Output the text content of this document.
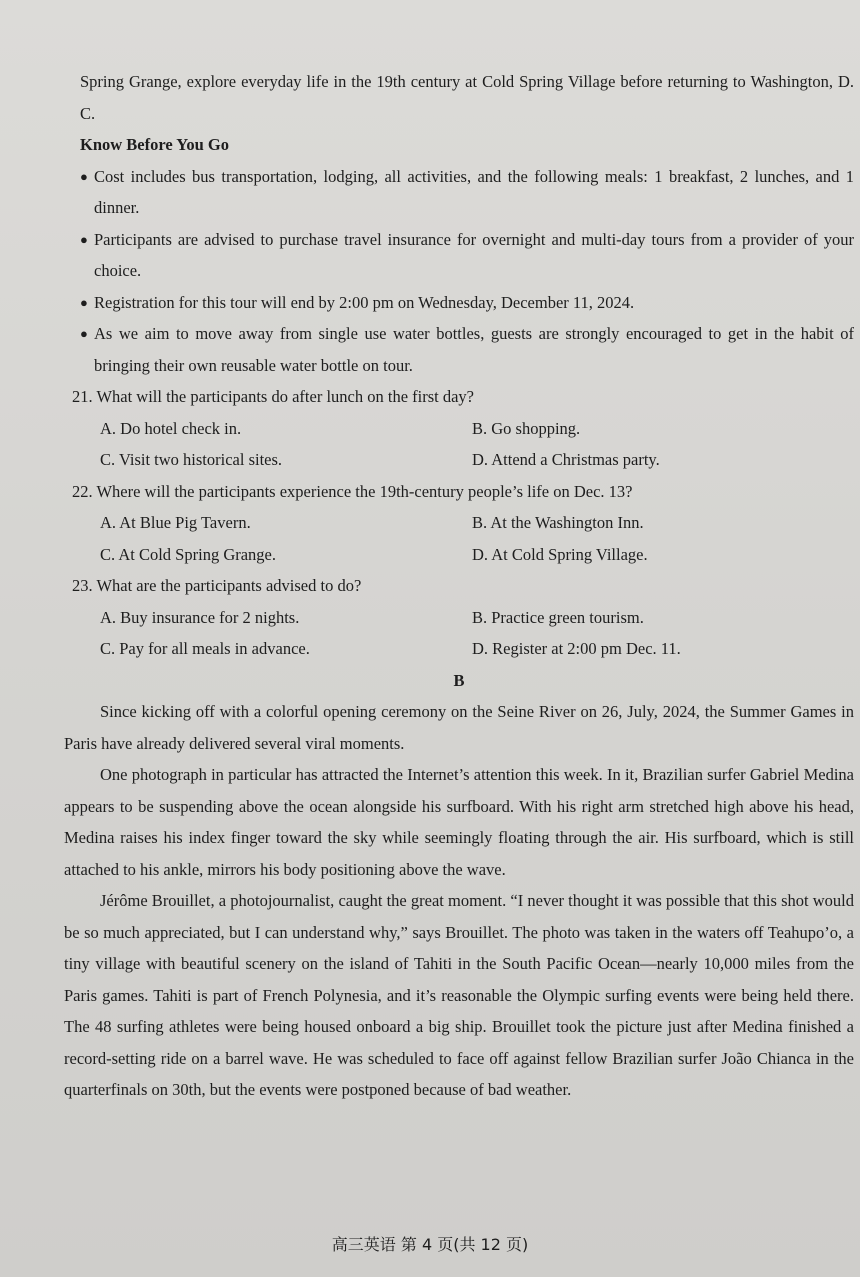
Spring Grange, explore everyday life in the 19th century at Cold Spring Village before returning to Washington, D. C.

Know Before You Go

● Cost includes bus transportation, lodging, all activities, and the following meals: 1 breakfast, 2 lunches, and 1 dinner.
● Participants are advised to purchase travel insurance for overnight and multi-day tours from a provider of your choice.
● Registration for this tour will end by 2:00 pm on Wednesday, December 11, 2024.
● As we aim to move away from single use water bottles, guests are strongly encouraged to get in the habit of bringing their own reusable water bottle on tour.

21. What will the participants do after lunch on the first day?

A. Do hotel check in.	B. Go shopping.
C. Visit two historical sites.	D. Attend a Christmas party.

22. Where will the participants experience the 19th-century people’s life on Dec. 13?

A. At Blue Pig Tavern.	B. At the Washington Inn.
C. At Cold Spring Grange.	D. At Cold Spring Village.

23. What are the participants advised to do?

A. Buy insurance for 2 nights.	B. Practice green tourism.
C. Pay for all meals in advance.	D. Register at 2:00 pm Dec. 11.

B

Since kicking off with a colorful opening ceremony on the Seine River on 26, July, 2024, the Summer Games in Paris have already delivered several viral moments.

One photograph in particular has attracted the Internet’s attention this week. In it, Brazilian surfer Gabriel Medina appears to be suspending above the ocean alongside his surfboard. With his right arm stretched high above his head, Medina raises his index finger toward the sky while seemingly floating through the air. His surfboard, which is still attached to his ankle, mirrors his body positioning above the wave.

Jérôme Brouillet, a photojournalist, caught the great moment. “I never thought it was possible that this shot would be so much appreciated, but I can understand why,” says Brouillet. The photo was taken in the waters off Teahupo’o, a tiny village with beautiful scenery on the island of Tahiti in the South Pacific Ocean—nearly 10,000 miles from the Paris games. Tahiti is part of French Polynesia, and it’s reasonable the Olympic surfing events were being held there. The 48 surfing athletes were being housed onboard a big ship. Brouillet took the picture just after Medina finished a record-setting ride on a barrel wave. He was scheduled to face off against fellow Brazilian surfer João Chianca in the quarterfinals on 30th, but the events were postponed because of bad weather.

高三英语 第 4 页(共 12 页)
